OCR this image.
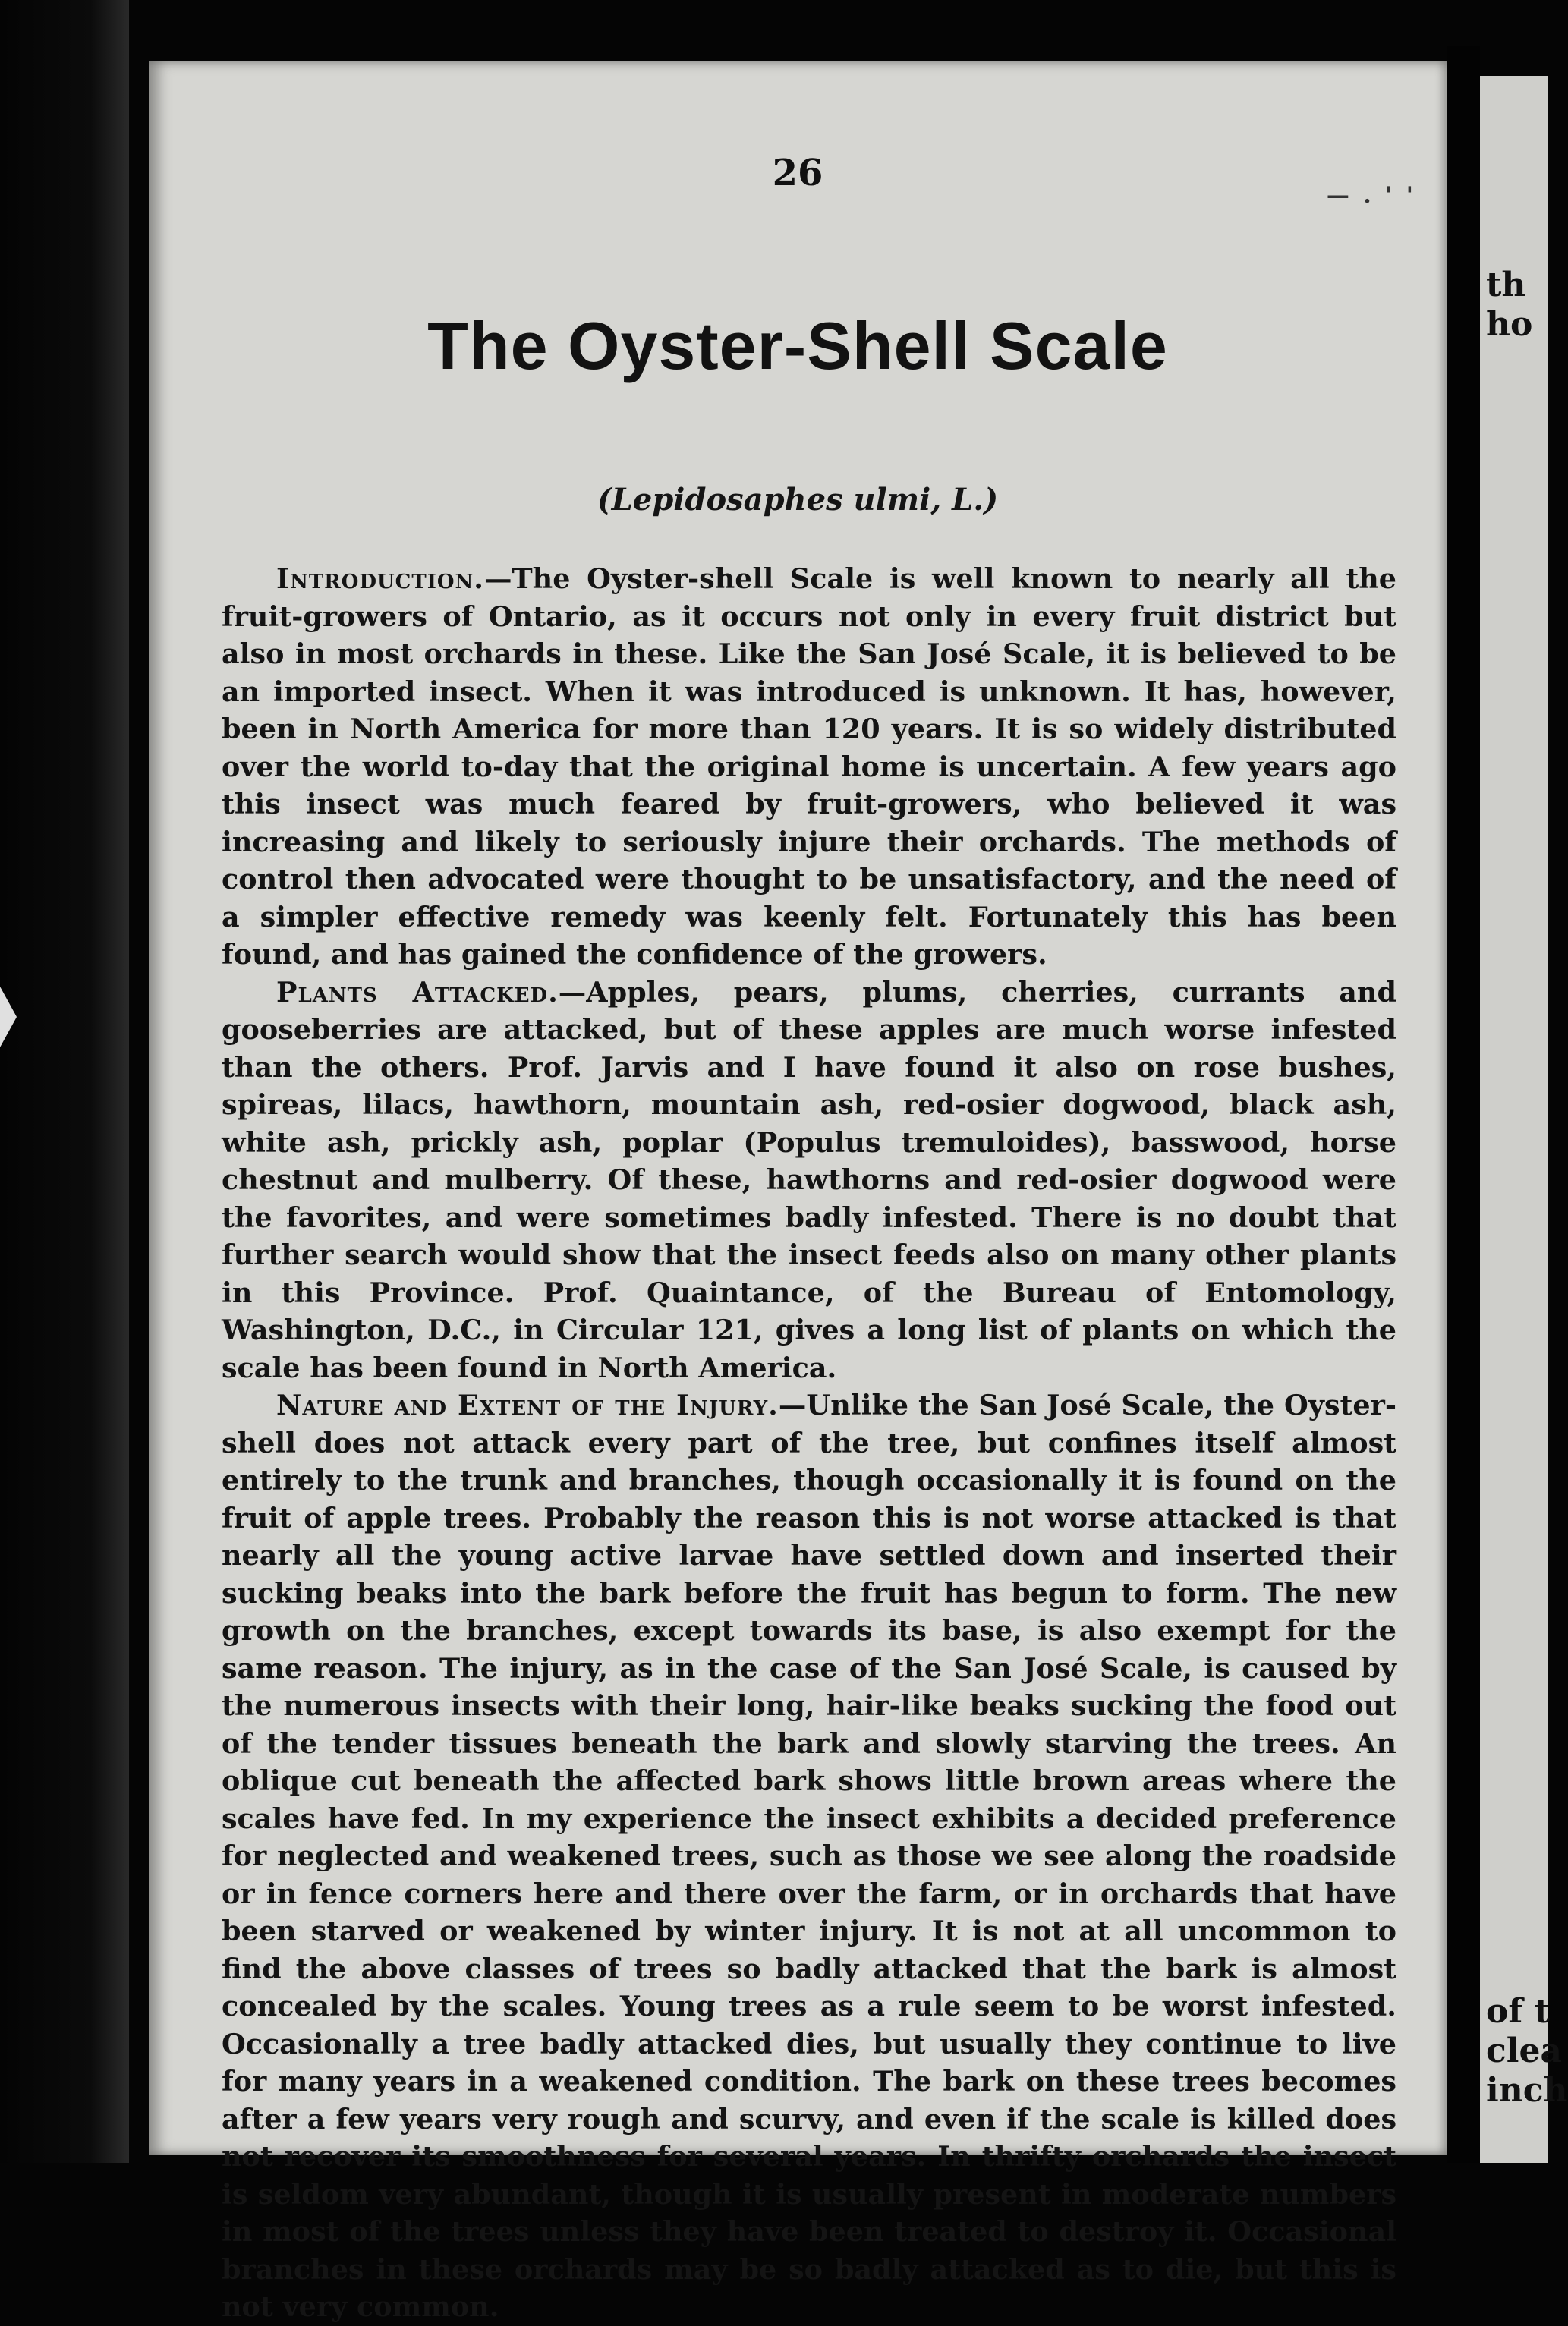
26
— . ' '
The Oyster-Shell Scale
(Lepidosaphes ulmi, L.)

Introduction.—The Oyster-shell Scale is well known to nearly all the fruit-growers of Ontario, as it occurs not only in every fruit district but also in most orchards in these. Like the San José Scale, it is believed to be an imported insect. When it was introduced is unknown. It has, however, been in North America for more than 120 years. It is so widely distributed over the world to-day that the original home is uncertain. A few years ago this insect was much feared by fruit-growers, who believed it was increasing and likely to seriously injure their orchards. The methods of control then advocated were thought to be unsatisfactory, and the need of a simpler effective remedy was keenly felt. Fortunately this has been found, and has gained the confidence of the growers.

Plants Attacked.—Apples, pears, plums, cherries, currants and gooseberries are attacked, but of these apples are much worse infested than the others. Prof. Jarvis and I have found it also on rose bushes, spireas, lilacs, hawthorn, mountain ash, red-osier dogwood, black ash, white ash, prickly ash, poplar (Populus tremuloides), basswood, horse chestnut and mulberry. Of these, hawthorns and red-osier dogwood were the favorites, and were sometimes badly infested. There is no doubt that further search would show that the insect feeds also on many other plants in this Province. Prof. Quaintance, of the Bureau of Entomology, Washington, D.C., in Circular 121, gives a long list of plants on which the scale has been found in North America.

Nature and Extent of the Injury.—Unlike the San José Scale, the Oyster-shell does not attack every part of the tree, but confines itself almost entirely to the trunk and branches, though occasionally it is found on the fruit of apple trees. Probably the reason this is not worse attacked is that nearly all the young active larvae have settled down and inserted their sucking beaks into the bark before the fruit has begun to form. The new growth on the branches, except towards its base, is also exempt for the same reason. The injury, as in the case of the San José Scale, is caused by the numerous insects with their long, hair-like beaks sucking the food out of the tender tissues beneath the bark and slowly starving the trees. An oblique cut beneath the affected bark shows little brown areas where the scales have fed. In my experience the insect exhibits a decided preference for neglected and weakened trees, such as those we see along the roadside or in fence corners here and there over the farm, or in orchards that have been starved or weakened by winter injury. It is not at all uncommon to find the above classes of trees so badly attacked that the bark is almost concealed by the scales. Young trees as a rule seem to be worst infested. Occasionally a tree badly attacked dies, but usually they continue to live for many years in a weakened condition. The bark on these trees becomes after a few years very rough and scurvy, and even if the scale is killed does not recover its smoothness for several years. In thrifty orchards the insect is seldom very abundant, though it is usually present in moderate numbers in most of the trees unless they have been treated to destroy it. Occasional branches in these orchards may be so badly attacked as to die, but this is not very common.

th
ho
of t
clea
inch
